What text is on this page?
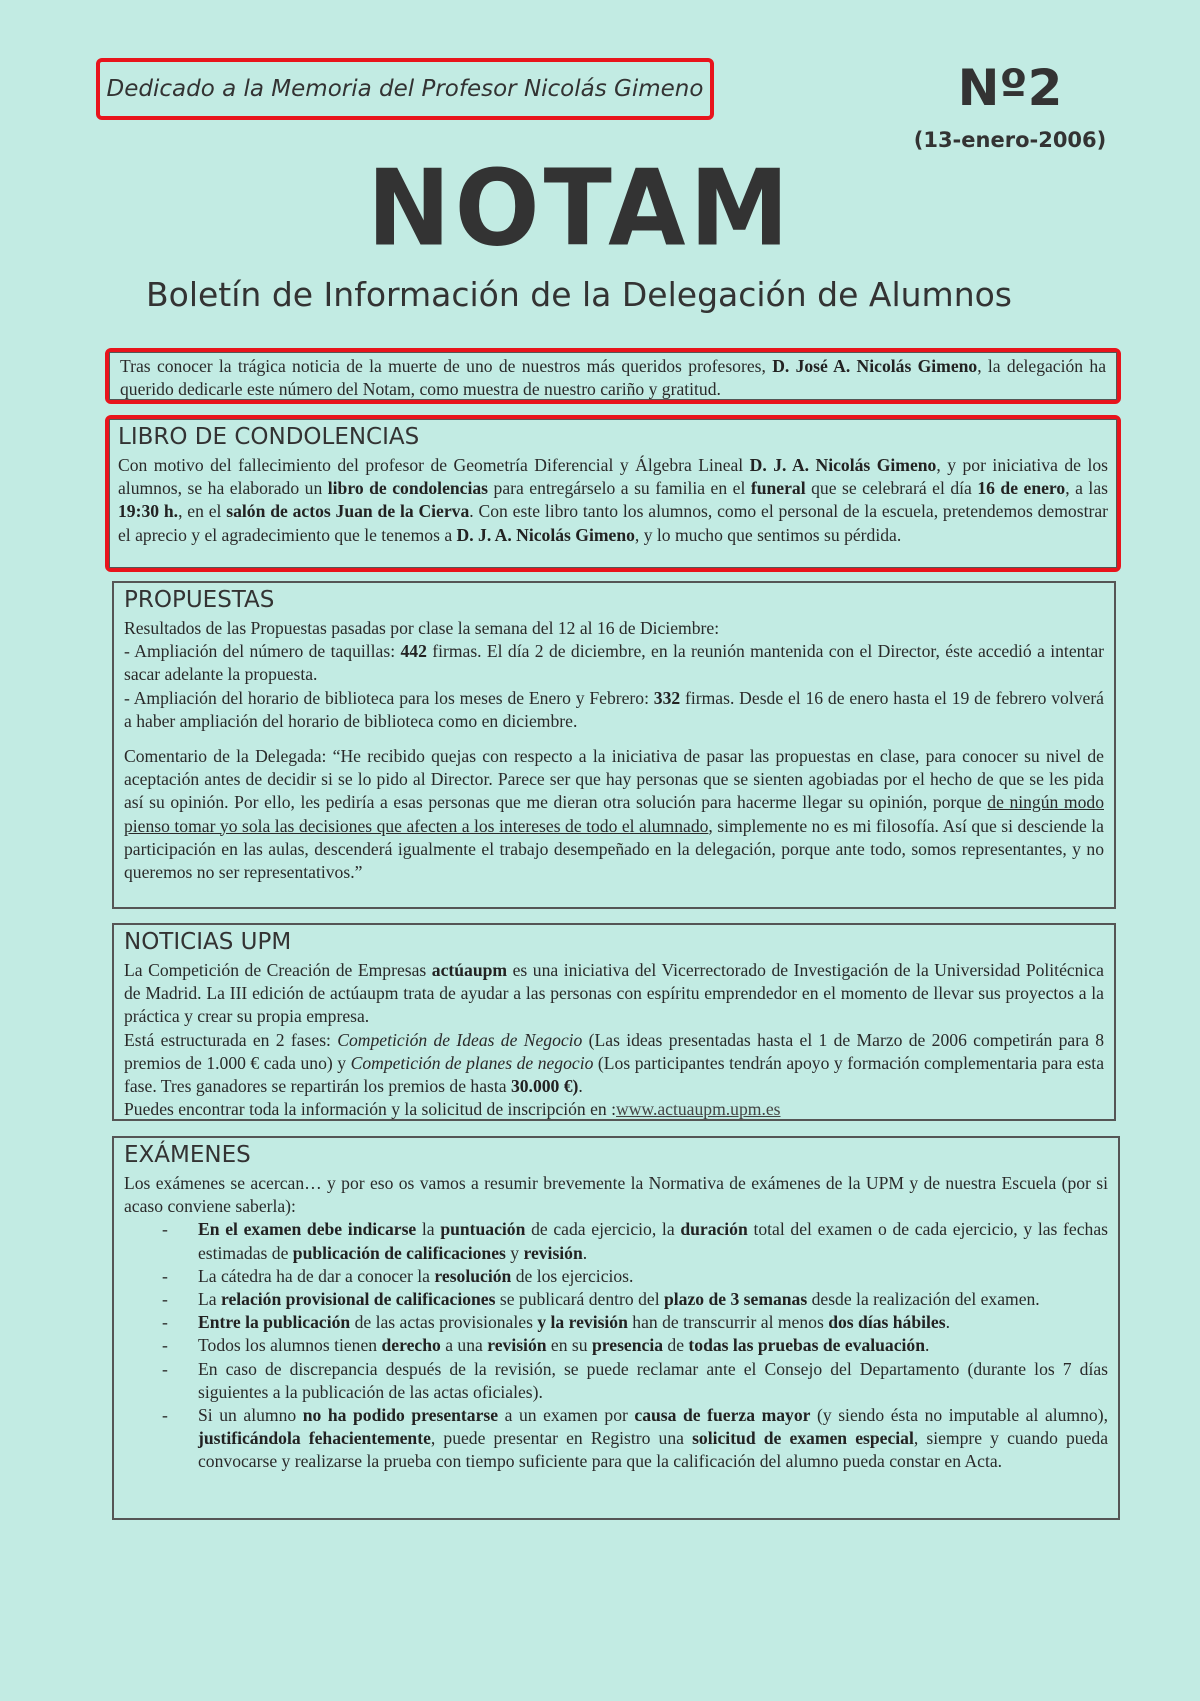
Dedicado a la Memoria del Profesor Nicolás Gimeno	Nº2
(13-enero-2006)
NOTAM
Boletín de Información de la Delegación de Alumnos

Tras conocer la trágica noticia de la muerte de uno de nuestros más queridos profesores, D. José A. Nicolás Gimeno, la delegación ha querido dedicarle este número del Notam, como muestra de nuestro cariño y gratitud.

LIBRO DE CONDOLENCIAS

Con motivo del fallecimiento del profesor de Geometría Diferencial y Álgebra Lineal D. J. A. Nicolás Gimeno, y por iniciativa de los alumnos, se ha elaborado un libro de condolencias para entregárselo a su familia en el funeral que se celebrará el día 16 de enero, a las 19:30 h., en el salón de actos Juan de la Cierva. Con este libro tanto los alumnos, como el personal de la escuela, pretendemos demostrar el aprecio y el agradecimiento que le tenemos a D. J. A. Nicolás Gimeno, y lo mucho que sentimos su pérdida.

PROPUESTAS

Resultados de las Propuestas pasadas por clase la semana del 12 al 16 de Diciembre:

- Ampliación del número de taquillas: 442 firmas. El día 2 de diciembre, en la reunión mantenida con el Director, éste accedió a intentar sacar adelante la propuesta.

- Ampliación del horario de biblioteca para los meses de Enero y Febrero: 332 firmas. Desde el 16 de enero hasta el 19 de febrero volverá a haber ampliación del horario de biblioteca como en diciembre.

Comentario de la Delegada: “He recibido quejas con respecto a la iniciativa de pasar las propuestas en clase, para conocer su nivel de aceptación antes de decidir si se lo pido al Director. Parece ser que hay personas que se sienten agobiadas por el hecho de que se les pida así su opinión. Por ello, les pediría a esas personas que me dieran otra solución para hacerme llegar su opinión, porque de ningún modo pienso tomar yo sola las decisiones que afecten a los intereses de todo el alumnado, simplemente no es mi filosofía. Así que si desciende la participación en las aulas, descenderá igualmente el trabajo desempeñado en la delegación, porque ante todo, somos representantes, y no queremos no ser representativos.”

NOTICIAS UPM

La Competición de Creación de Empresas actúaupm es una iniciativa del Vicerrectorado de Investigación de la Universidad Politécnica de Madrid. La III edición de actúaupm trata de ayudar a las personas con espíritu emprendedor en el momento de llevar sus proyectos a la práctica y crear su propia empresa.

Está estructurada en 2 fases: Competición de Ideas de Negocio (Las ideas presentadas hasta el 1 de Marzo de 2006 competirán para 8 premios de 1.000 € cada uno) y Competición de planes de negocio (Los participantes tendrán apoyo y formación complementaria para esta fase. Tres ganadores se repartirán los premios de hasta 30.000 €).

Puedes encontrar toda la información y la solicitud de inscripción en :www.actuaupm.upm.es

EXÁMENES

Los exámenes se acercan… y por eso os vamos a resumir brevemente la Normativa de exámenes de la UPM y de nuestra Escuela (por si acaso conviene saberla):

- En el examen debe indicarse la puntuación de cada ejercicio, la duración total del examen o de cada ejercicio, y las fechas estimadas de publicación de calificaciones y revisión.
- La cátedra ha de dar a conocer la resolución de los ejercicios.
- La relación provisional de calificaciones se publicará dentro del plazo de 3 semanas desde la realización del examen.
- Entre la publicación de las actas provisionales y la revisión han de transcurrir al menos dos días hábiles.
- Todos los alumnos tienen derecho a una revisión en su presencia de todas las pruebas de evaluación.
- En caso de discrepancia después de la revisión, se puede reclamar ante el Consejo del Departamento (durante los 7 días siguientes a la publicación de las actas oficiales).
- Si un alumno no ha podido presentarse a un examen por causa de fuerza mayor (y siendo ésta no imputable al alumno), justificándola fehacientemente, puede presentar en Registro una solicitud de examen especial, siempre y cuando pueda convocarse y realizarse la prueba con tiempo suficiente para que la calificación del alumno pueda constar en Acta.
